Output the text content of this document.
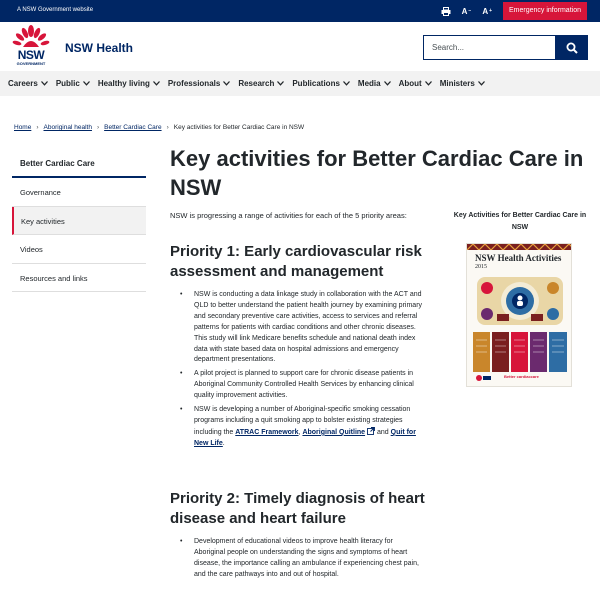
A NSW Government website	A − A +	Emergency information
NSW
GOVERNMENT
NSW Health
Search...
Careers Public Healthy living Professionals Research Publications Media About Ministers
Home › Aboriginal health › Better Cardiac Care › Key activities for Better Cardiac Care in NSW
Better Cardiac Care
Governance
Key activities
Videos
Resources and links
Key activities for Better Cardiac Care in NSW

NSW is progressing a range of activities for each of the 5 priority areas:

Priority 1: Early cardiovascular risk assessment and management
• NSW is conducting a data linkage study in collaboration with the ACT and QLD to better understand the patient health journey by examining primary and secondary preventive care activities, access to services and referral patterns for patients with cardiac conditions and other chronic diseases. This study will link Medicare benefits schedule and national death index data with state based data on hospital admissions and emergency department presentations.
• A pilot project is planned to support care for chronic disease patients in Aboriginal Community Controlled Health Services by enhancing clinical quality improvement activities.
• NSW is developing a number of Aboriginal-specific smoking cessation programs including a quit smoking app to bolster existing strategies including the ATRAC Framework, Aboriginal Quitline and Quit for New Life.
Priority 2: Timely diagnosis of heart disease and heart failure
• Development of educational videos to improve health literacy for Aboriginal people on understanding the signs and symptoms of heart disease, the importance calling an ambulance if experiencing chest pain, and the care pathways into and out of hospital.
Key Activities for Better Cardiac Care in NSW
NSW Health Activities
2015
Better cardiaccare
